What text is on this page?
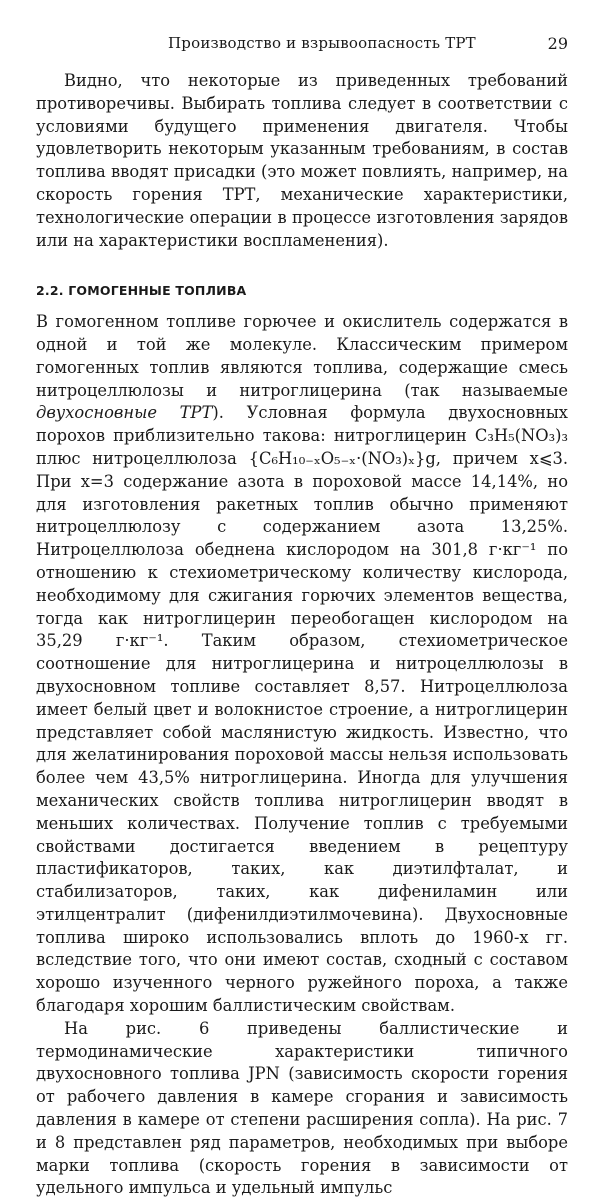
Производство и взрывоопасность ТРТ	29

Видно, что некоторые из приведенных требований противоречивы. Выбирать топлива следует в соответствии с условиями будущего применения двигателя. Чтобы удовлетворить некоторым указанным требованиям, в состав топлива вводят присадки (это может повлиять, например, на скорость горения ТРТ, механические характеристики, технологические операции в процессе изготовления зарядов или на характеристики воспламенения).

2.2. ГОМОГЕННЫЕ ТОПЛИВА

В гомогенном топливе горючее и окислитель содержатся в одной и той же молекуле. Классическим примером гомогенных топлив являются топлива, содержащие смесь нитроцеллюлозы и нитроглицерина (так называемые двухосновные ТРТ). Условная формула двухосновных порохов приблизительно такова: нитроглицерин C₃H₅(NO₃)₃ плюс нитроцеллюлоза {C₆H₁₀₋ₓO₅₋ₓ·(NO₃)ₓ}g, причем x⩽3. При x=3 содержание азота в пороховой массе 14,14%, но для изготовления ракетных топлив обычно применяют нитроцеллюлозу с содержанием азота 13,25%. Нитроцеллюлоза обеднена кислородом на 301,8 г·кг⁻¹ по отношению к стехиометрическому количеству кислорода, необходимому для сжигания горючих элементов вещества, тогда как нитроглицерин переобогащен кислородом на 35,29 г·кг⁻¹. Таким образом, стехиометрическое соотношение для нитроглицерина и нитроцеллюлозы в двухосновном топливе составляет 8,57. Нитроцеллюлоза имеет белый цвет и волокнистое строение, а нитроглицерин представляет собой маслянистую жидкость. Известно, что для желатинирования пороховой массы нельзя использовать более чем 43,5% нитроглицерина. Иногда для улучшения механических свойств топлива нитроглицерин вводят в меньших количествах. Получение топлив с требуемыми свойствами достигается введением в рецептуру пластификаторов, таких, как диэтилфталат, и стабилизаторов, таких, как дифениламин или этилцентралит (дифенилдиэтилмочевина). Двухосновные топлива широко использовались вплоть до 1960-х гг. вследствие того, что они имеют состав, сходный с составом хорошо изученного черного ружейного пороха, а также благодаря хорошим баллистическим свойствам.

На рис. 6 приведены баллистические и термодинамические характеристики типичного двухосновного топлива JPN (зависимость скорости горения от рабочего давления в камере сгорания и зависимость давления в камере от степени расширения сопла). На рис. 7 и 8 представлен ряд параметров, необходимых при выборе марки топлива (скорость горения в зависимости от удельного импульса и удельный импульс
